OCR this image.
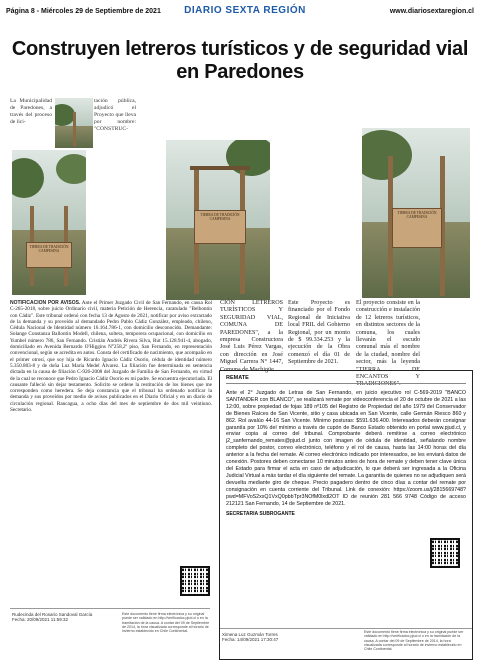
Página 8 - Miércoles 29 de Septiembre de 2021	DIARIO SEXTA REGIÓN	www.diariosextaregion.cl
Construyen letreros turísticos y de seguridad vial en Paredones

La Municipalidad de Paredones, a través del proceso de lici-

tación pública, adjudicó el Proyecto que lleva por nombre: "CONSTRUC-

TIERRA DE TRADICIÓN CAMPESINA
TIERRA DE TRADICIÓN CAMPESINA
TIERRA DE TRADICIÓN CAMPESINA

CIÓN LETREROS TURÍSTICOS Y SEGURIDAD VIAL, COMUNA DE PAREDONES", a la empresa Constructora José Luis Pérez Vargas, con dirección en José Miguel Carrera N° 1447, Comuna de Machigüe.

Este Proyecto es financiado por el Fondo Regional de Iniciativa local FRIL del Gobierno Regional, por un monto de $ 99.334.253 y la ejecución de la Obra comenzó el día 01 de Septiembre de 2021.

El proyecto consiste en la construcción e instalación de 12 letreros turísticos, en distintos sectores de la comuna, los cuales llevarán el escudo comunal más el nombre de la ciudad, nombre del sector, más la leyenda "TIERRA DE ENCANTOS Y TRADICIONES".

NOTIFICACIÓN POR AVISOS. Ante el Primer Juzgado Civil de San Fernando, en causa Rol C-265-2018, sobre juicio Ordinario civil, materia Petición de Herencia, caratulado "Belbontin con Cádiz". Este tribunal ordenó con fecha 13 de Agosto de 2021, notificar por aviso extractado de la demanda y su proveído al demandado Pedro Pablo Cádiz González, empleado, chileno, Cédula Nacional de Identidad número 16.164.786-1, con domicilio desconocido. Demandante: Solange Constanza Ballontin Modell, chilena, soltera, temporera ocupacional, con domicilio en Yumbel número 786, San Fernando. Cristián Andrés Rivera Silva, Rut 15.128.941-4, abogado, domiciliado en Avenida Bernardo O'Higgins N°258,2º piso, San Fernando, en representación convencional, según se acredita en autos. Consta del certificado de nacimiento, que acompaño en el primer otrosí, que soy hija de Ricardo Ignacio Cádiz Osorio, cédula de identidad número 5.350.803-8 y de doña Luz María Medel Álvarez. La filiación fue determinada en sentencia dictada en la causa de filiación C-926-2008 del Juzgado de Familia de San Fernando, en virtud de la cual se reconoce que Pedro Ignacio Cádiz Osorio es mi padre. Se encuentra ejecutoriada. El causante falleció sin dejar testamento. Solicito se ordene la restitución de los bienes que me corresponden como heredera. Se deja constancia que el tribunal ha ordenado notificar la demanda y sus proveídos por medio de avisos publicados en el Diario Oficial y en un diario de circulación regional. Rancagua, a ocho días del mes de septiembre de dos mil veintiuno. Secretario.
Rudecinda del Rosario Sandoval García
Fecha: 20/09/2021 11:59:32
Este documento tiene firma electrónica y su original puede ser validado en http://verificadoc.pjud.cl o en la tramitación de la causa. A contar del 09 de Septiembre de 2014, la hora visualizada corresponde al horario de invierno establecido en Chile Continental.
REMATE
Ante el 2° Juzgado de Letras de San Fernando, en juicio ejecutivo rol C-569-2019 "BANCO SANTANDER con BLANCO", se realizará remate por videoconferencia el 20 de octubre de 2021 a las 12:00, sobre propiedad de fojas 189 nº105 del Registro de Propiedad del año 1979 del Conservador de Bienes Raíces de San Vicente, sitio y casa ubicada en San Vicente, calle Germán Riesco 860 y 862. Rol avalúo 44-16 San Vicente. Mínimo posturas: $591.636.400. Interesados deberán consignar garantía por 10% del mínimo a través de cupón de Banco Estado obtenido en portal www.pjud.cl, y enviar copia al correo del tribunal. Comprobante deberá remitirse a correo electrónico j2_sanfernando_remates@pjud.cl junto con imagen de cédula de identidad, señalando nombre completo del postor, correo electrónico, teléfono y el rol de causa, hasta las 14:00 horas del día anterior a la fecha del remate. Al correo electrónico indicado por interesados, se les enviará datos de conexión. Postores deben conectarse 10 minutos antes de hora de remate y deben tener clave única del Estado para firmar el acta en caso de adjudicación, lo que deberá ser ingresada a la Oficina Judicial Virtual a más tardar el día siguiente del remate. La garantía de quienes no se adjudiquen será devuelta mediante giro de cheque. Precio pagadero dentro de cinco días a contar del remate por consignación en cuenta corriente del Tribunal. Link de conexión: https://zoom.us/j/2815669748?pwd=MFVoS2xxQ1VxQ0pbbTpr3NOfM0lxdl2OT ID de reunión 281 566 9748 Código de acceso 212121 San Fernando, 14 de Septiembre de 2021.
SECRETARIA SUBROGANTE
Ximena Luz Guzmán Torres
Fecha: 14/09/2021 17:30:47
Este documento tiene firma electrónica y su original puede ser validado en http://verificadoc.pjud.cl o en la tramitación de la causa. A contar del 09 de Septiembre de 2014, la hora visualizada corresponde al horario de invierno establecido en Chile Continental.
